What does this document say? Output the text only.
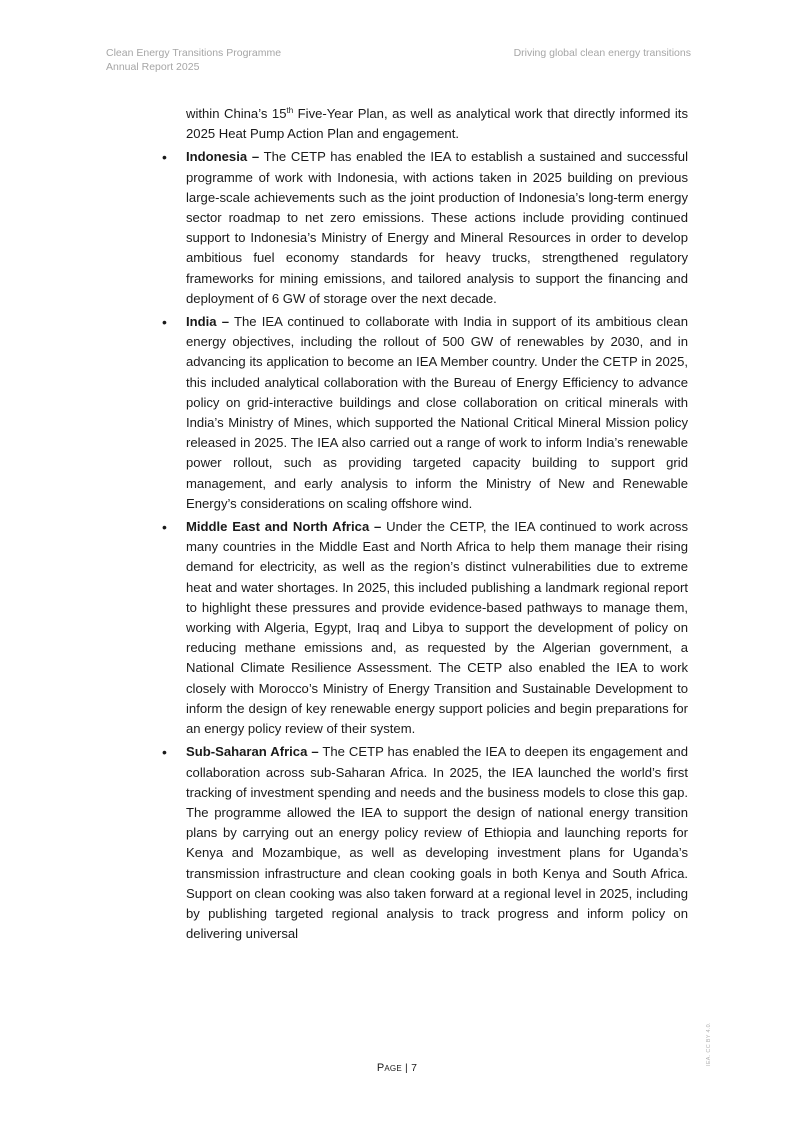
Clean Energy Transitions Programme
Annual Report 2025
Driving global clean energy transitions

within China’s 15th Five-Year Plan, as well as analytical work that directly informed its 2025 Heat Pump Action Plan and engagement.

• Indonesia – The CETP has enabled the IEA to establish a sustained and successful programme of work with Indonesia, with actions taken in 2025 building on previous large-scale achievements such as the joint production of Indonesia’s long-term energy sector roadmap to net zero emissions. These actions include providing continued support to Indonesia’s Ministry of Energy and Mineral Resources in order to develop ambitious fuel economy standards for heavy trucks, strengthened regulatory frameworks for mining emissions, and tailored analysis to support the financing and deployment of 6 GW of storage over the next decade.
• India – The IEA continued to collaborate with India in support of its ambitious clean energy objectives, including the rollout of 500 GW of renewables by 2030, and in advancing its application to become an IEA Member country. Under the CETP in 2025, this included analytical collaboration with the Bureau of Energy Efficiency to advance policy on grid-interactive buildings and close collaboration on critical minerals with India’s Ministry of Mines, which supported the National Critical Mineral Mission policy released in 2025. The IEA also carried out a range of work to inform India’s renewable power rollout, such as providing targeted capacity building to support grid management, and early analysis to inform the Ministry of New and Renewable Energy’s considerations on scaling offshore wind.
• Middle East and North Africa – Under the CETP, the IEA continued to work across many countries in the Middle East and North Africa to help them manage their rising demand for electricity, as well as the region’s distinct vulnerabilities due to extreme heat and water shortages. In 2025, this included publishing a landmark regional report to highlight these pressures and provide evidence-based pathways to manage them, working with Algeria, Egypt, Iraq and Libya to support the development of policy on reducing methane emissions and, as requested by the Algerian government, a National Climate Resilience Assessment. The CETP also enabled the IEA to work closely with Morocco’s Ministry of Energy Transition and Sustainable Development to inform the design of key renewable energy support policies and begin preparations for an energy policy review of their system.
• Sub-Saharan Africa – The CETP has enabled the IEA to deepen its engagement and collaboration across sub-Saharan Africa. In 2025, the IEA launched the world’s first tracking of investment spending and needs and the business models to close this gap. The programme allowed the IEA to support the design of national energy transition plans by carrying out an energy policy review of Ethiopia and launching reports for Kenya and Mozambique, as well as developing investment plans for Uganda’s transmission infrastructure and clean cooking goals in both Kenya and South Africa. Support on clean cooking was also taken forward at a regional level in 2025, including by publishing targeted regional analysis to track progress and inform policy on delivering universal
Page | 7
IEA. CC BY 4.0.
